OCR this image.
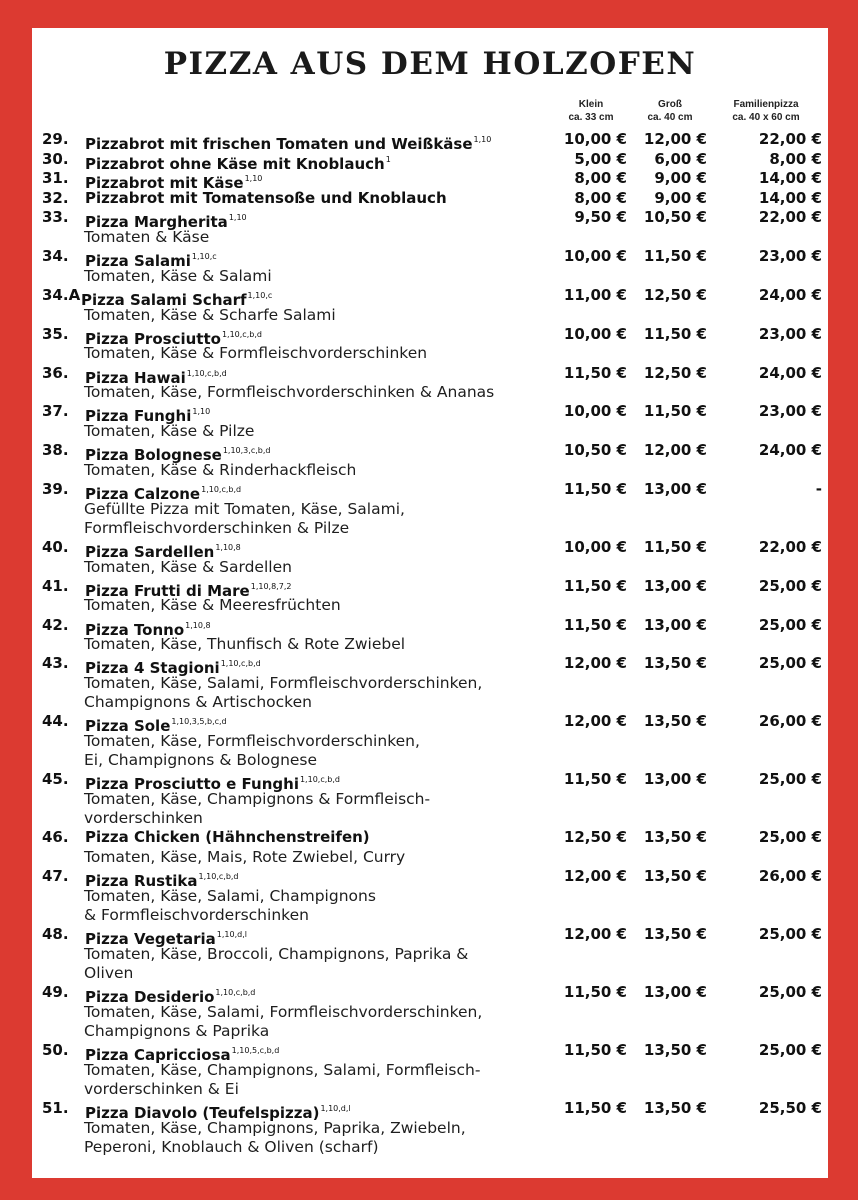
PIZZA AUS DEM HOLZOFEN
Klein
ca. 33 cm
Groß
ca. 40 cm
Familienpizza
ca. 40 x 60 cm
29. Pizzabrot mit frischen Tomaten und Weißkäse$^{1,10}$	10,00 € 12,00 €	22,00 €
30. Pizzabrot ohne Käse mit Knoblauch$^1$	5,00 € 6,00 €	8,00 €
31. Pizzabrot mit Käse$^{1,10}$	8,00 € 9,00 €	14,00 €
32. Pizzabrot mit Tomatensoße und Knoblauch	8,00 € 9,00 €	14,00 €
33. Pizza Margherita$^{1,10}$	9,50 € 10,50 €	22,00 €
Tomaten & Käse
34. Pizza Salami$^{1,10,c}$	10,00 € 11,50 €	23,00 €
Tomaten, Käse & Salami
34.A Pizza Salami Scharf$^{1,10,c}$	11,00 € 12,50 €	24,00 €
Tomaten, Käse & Scharfe Salami
35. Pizza Prosciutto$^{1,10,c,b,d}$	10,00 € 11,50 €	23,00 €
Tomaten, Käse & Formfleischvorderschinken
36. Pizza Hawai$^{1,10,c,b,d}$	11,50 € 12,50 €	24,00 €
Tomaten, Käse, Formfleischvorderschinken & Ananas
37. Pizza Funghi$^{1,10}$	10,00 € 11,50 €	23,00 €
Tomaten, Käse & Pilze
38. Pizza Bolognese$^{1,10,3,c,b,d}$	10,50 € 12,00 €	24,00 €
Tomaten, Käse & Rinderhackfleisch
39. Pizza Calzone$^{1,10,c,b,d}$	11,50 € 13,00 €	-
Gefüllte Pizza mit Tomaten, Käse, Salami,
Formfleischvorderschinken & Pilze
40. Pizza Sardellen$^{1,10,8}$	10,00 € 11,50 €	22,00 €
Tomaten, Käse & Sardellen
41. Pizza Frutti di Mare$^{1,10,8,7,2}$	11,50 € 13,00 €	25,00 €
Tomaten, Käse & Meeresfrüchten
42. Pizza Tonno$^{1,10,8}$	11,50 € 13,00 €	25,00 €
Tomaten, Käse, Thunfisch & Rote Zwiebel
43. Pizza 4 Stagioni$^{1,10,c,b,d}$	12,00 € 13,50 €	25,00 €
Tomaten, Käse, Salami, Formfleischvorderschinken,
Champignons & Artischocken
44. Pizza Sole$^{1,10,3,5,b,c,d}$	12,00 € 13,50 €	26,00 €
Tomaten, Käse, Formfleischvorderschinken,
Ei, Champignons & Bolognese
45. Pizza Prosciutto e Funghi$^{1,10,c,b,d}$	11,50 € 13,00 €	25,00 €
Tomaten, Käse, Champignons & Formfleisch-
vorderschinken
46. Pizza Chicken (Hähnchenstreifen)	12,50 € 13,50 €	25,00 €
Tomaten, Käse, Mais, Rote Zwiebel, Curry
47. Pizza Rustika$^{1,10,c,b,d}$	12,00 € 13,50 €	26,00 €
Tomaten, Käse, Salami, Champignons
& Formfleischvorderschinken
48. Pizza Vegetaria$^{1,10,d,l}$	12,00 € 13,50 €	25,00 €
Tomaten, Käse, Broccoli, Champignons, Paprika &
Oliven
49. Pizza Desiderio$^{1,10,c,b,d}$	11,50 € 13,00 €	25,00 €
Tomaten, Käse, Salami, Formfleischvorderschinken,
Champignons & Paprika
50. Pizza Capricciosa$^{1,10,5,c,b,d}$	11,50 € 13,50 €	25,00 €
Tomaten, Käse, Champignons, Salami, Formfleisch-
vorderschinken & Ei
51. Pizza Diavolo (Teufelspizza)$^{1,10,d,l}$	11,50 € 13,50 €	25,50 €
Tomaten, Käse, Champignons, Paprika, Zwiebeln,
Peperoni, Knoblauch & Oliven (scharf)
